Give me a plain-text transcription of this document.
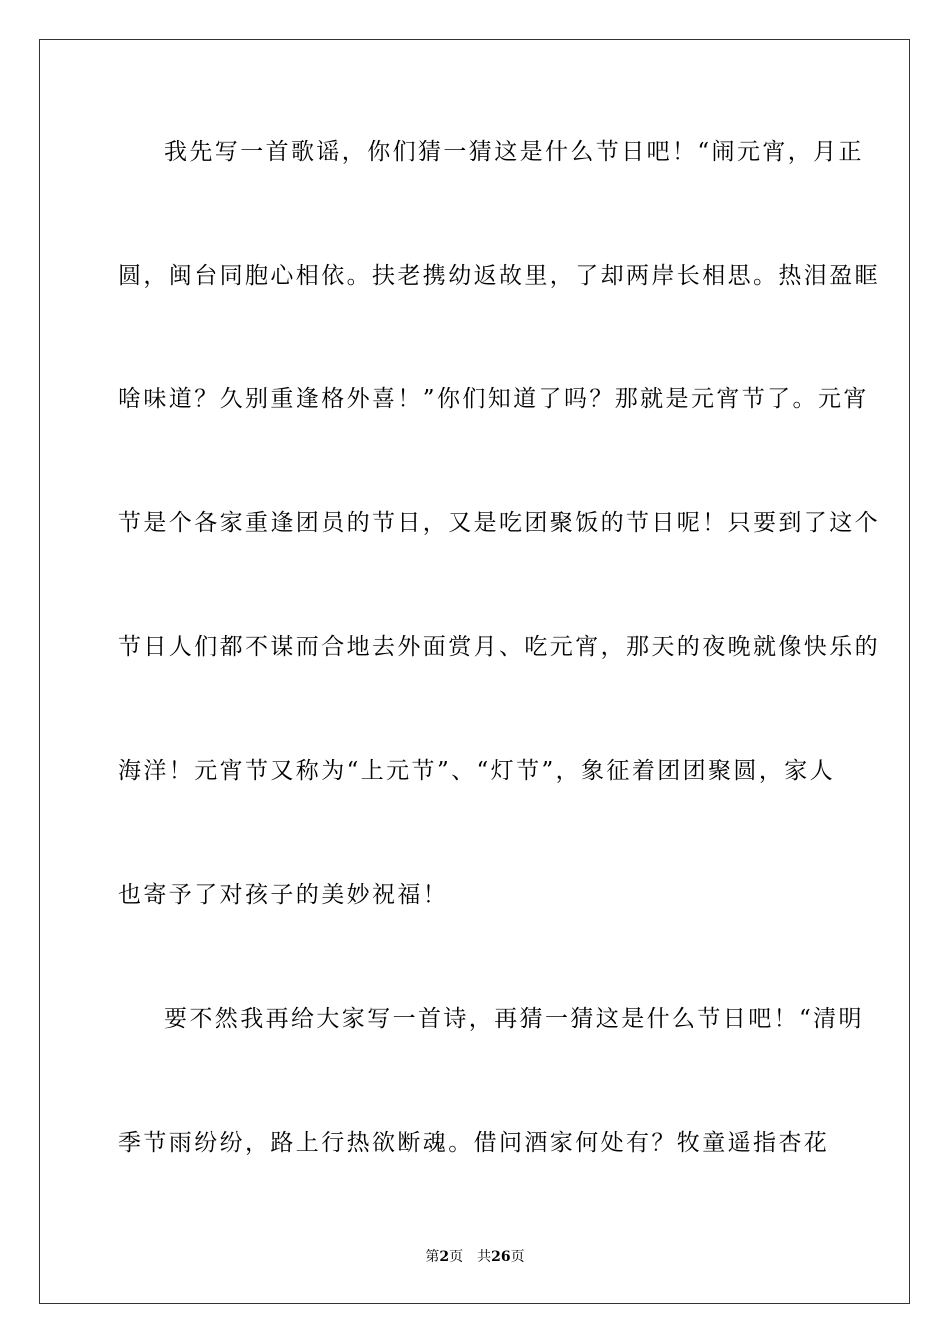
我先写一首歌谣，你们猜一猜这是什么节日吧！“闹元宵，月正
圆，闽台同胞心相依。扶老携幼返故里，了却两岸长相思。热泪盈眶
啥味道？久别重逢格外喜！”你们知道了吗？那就是元宵节了。元宵
节是个各家重逢团员的节日，又是吃团聚饭的节日呢！只要到了这个
节日人们都不谋而合地去外面赏月、吃元宵，那天的夜晚就像快乐的
海洋！元宵节又称为“上元节”、“灯节”，象征着团团聚圆，家人
也寄予了对孩子的美妙祝福！
要不然我再给大家写一首诗，再猜一猜这是什么节日吧！“清明
季节雨纷纷，路上行热欲断魂。借问酒家何处有？牧童遥指杏花
第2页 共26页
